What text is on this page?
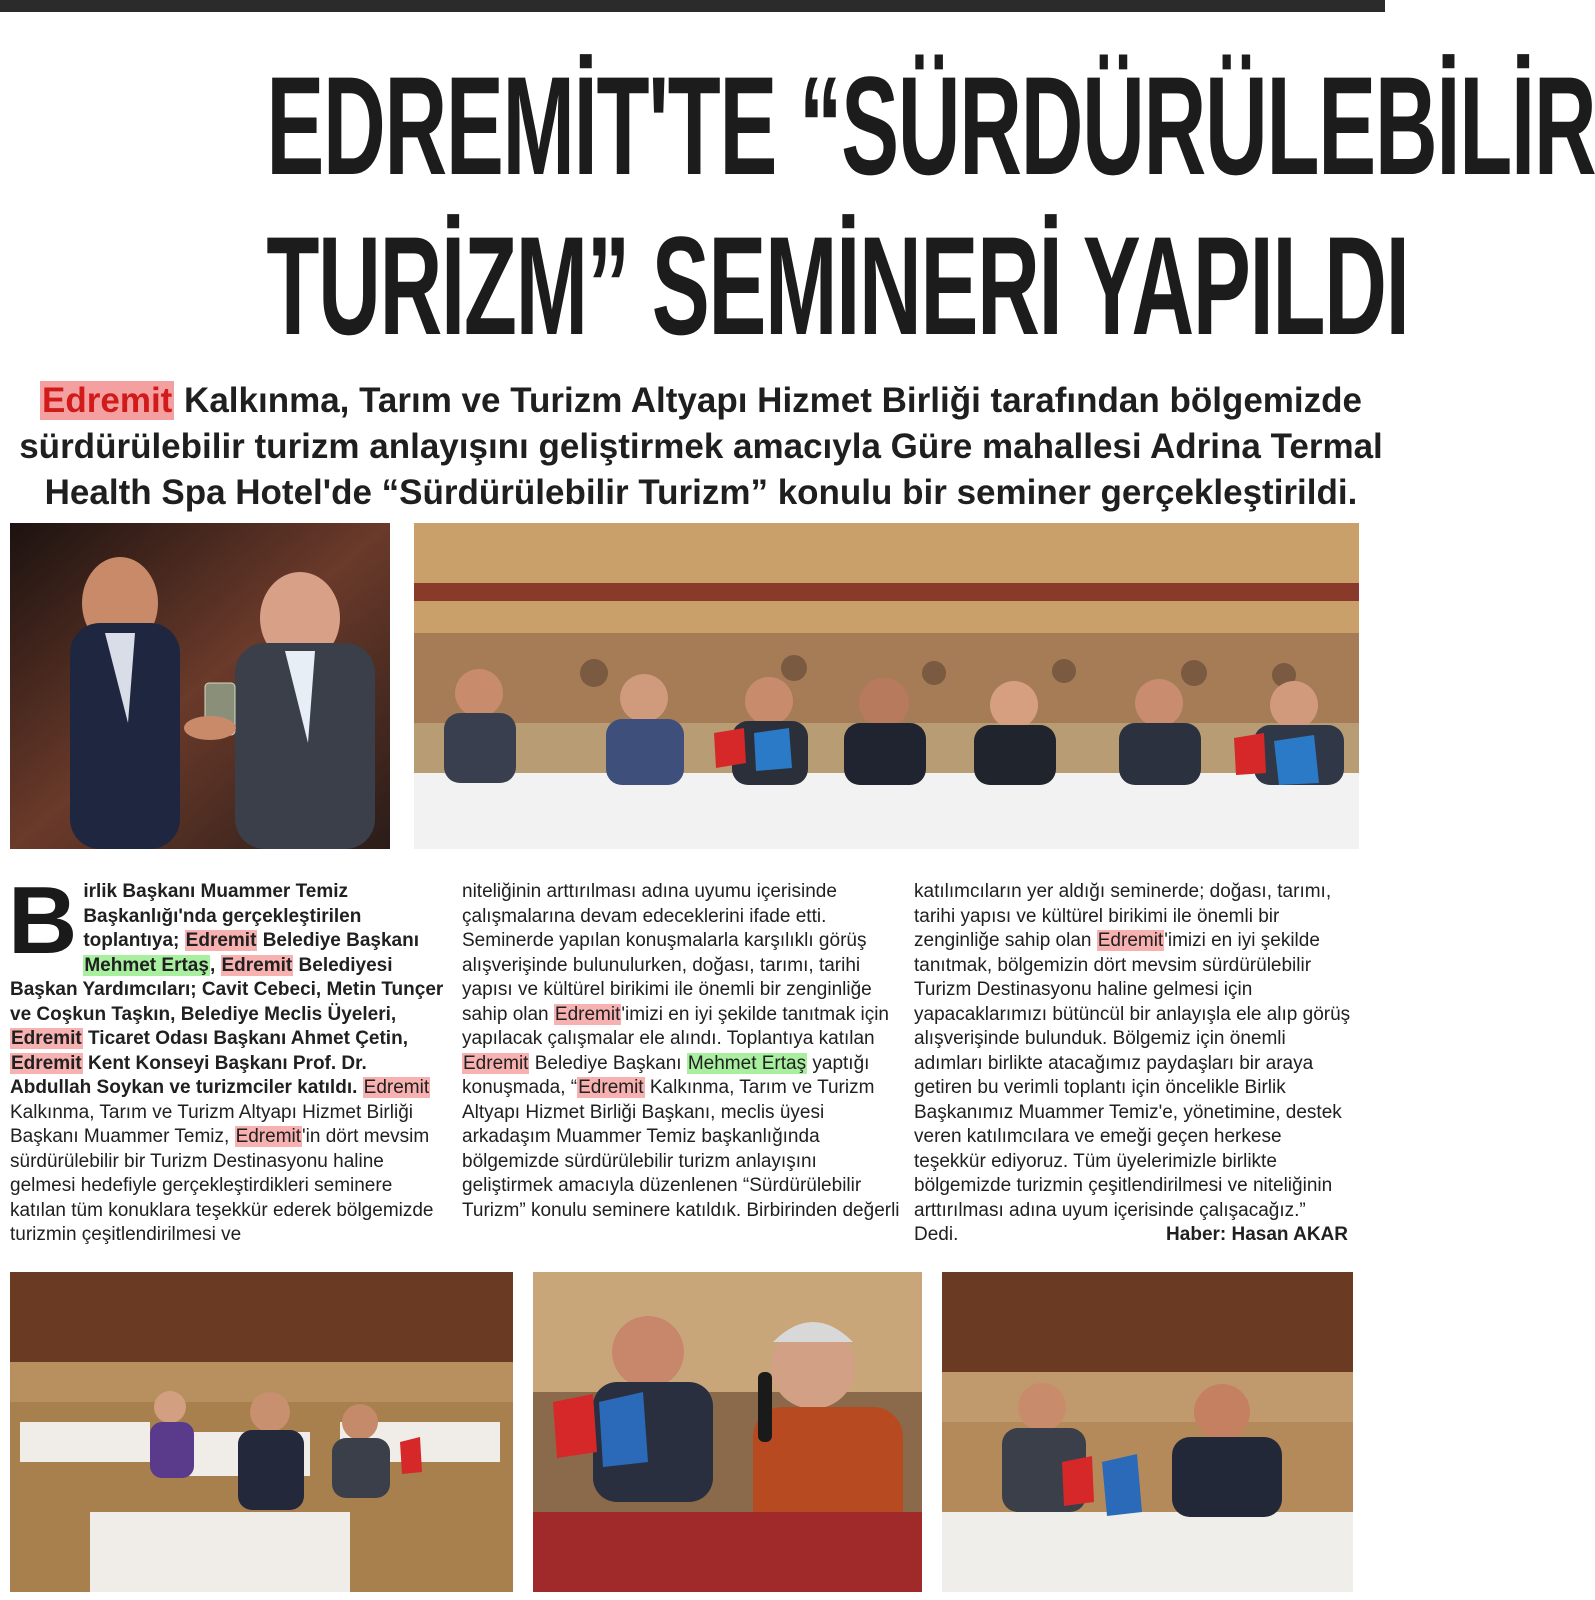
EDREMİT'TE “SÜRDÜRÜLEBİLİR
TURİZM” SEMİNERİ YAPILDI
Edremit Kalkınma, Tarım ve Turizm Altyapı Hizmet Birliği tarafından bölgemizde sürdürülebilir turizm anlayışını geliştirmek amacıyla Güre mahallesi Adrina Termal Health Spa Hotel'de “Sürdürülebilir Turizm” konulu bir seminer gerçekleştirildi.
Birlik Başkanı Muammer Temiz Başkanlığı'nda gerçekleştirilen toplantıya; Edremit Belediye Başkanı Mehmet Ertaş, Edremit Belediyesi Başkan Yardımcıları; Cavit Cebeci, Metin Tunçer ve Coşkun Taşkın, Belediye Meclis Üyeleri, Edremit Ticaret Odası Başkanı Ahmet Çetin, Edremit Kent Konseyi Başkanı Prof. Dr. Abdullah Soykan ve turizmciler katıldı. Edremit Kalkınma, Tarım ve Turizm Altyapı Hizmet Birliği Başkanı Muammer Temiz, Edremit'in dört mevsim sürdürülebilir bir Turizm Destinasyonu haline gelmesi hedefiyle gerçekleştirdikleri seminere katılan tüm konuklara teşekkür ederek bölgemizde turizmin çeşitlendirilmesi ve
niteliğinin arttırılması adına uyumu içerisinde çalışmalarına devam edeceklerini ifade etti. Seminerde yapılan konuşmalarla karşılıklı görüş alışverişinde bulunulurken, doğası, tarımı, tarihi yapısı ve kültürel birikimi ile önemli bir zenginliğe sahip olan Edremit'imizi en iyi şekilde tanıtmak için yapılacak çalışmalar ele alındı. Toplantıya katılan Edremit Belediye Başkanı Mehmet Ertaş yaptığı konuşmada, “Edremit Kalkınma, Tarım ve Turizm Altyapı Hizmet Birliği Başkanı, meclis üyesi arkadaşım Muammer Temiz başkanlığında bölgemizde sürdürülebilir turizm anlayışını geliştirmek amacıyla düzenlenen “Sürdürülebilir Turizm” konulu seminere katıldık. Birbirinden değerli
katılımcıların yer aldığı seminerde; doğası, tarımı, tarihi yapısı ve kültürel birikimi ile önemli bir zenginliğe sahip olan Edremit'imizi en iyi şekilde tanıtmak, bölgemizin dört mevsim sürdürülebilir Turizm Destinasyonu haline gelmesi için yapacaklarımızı bütüncül bir anlayışla ele alıp görüş alışverişinde bulunduk. Bölgemiz için önemli adımları birlikte atacağımız paydaşları bir araya getiren bu verimli toplantı için öncelikle Birlik Başkanımız Muammer Temiz'e, yönetimine, destek veren katılımcılara ve emeği geçen herkese teşekkür ediyoruz. Tüm üyelerimizle birlikte bölgemizde turizmin çeşitlendirilmesi ve niteliğinin arttırılması adına uyum içerisinde çalışacağız.” Dedi.	Haber: Hasan AKAR
